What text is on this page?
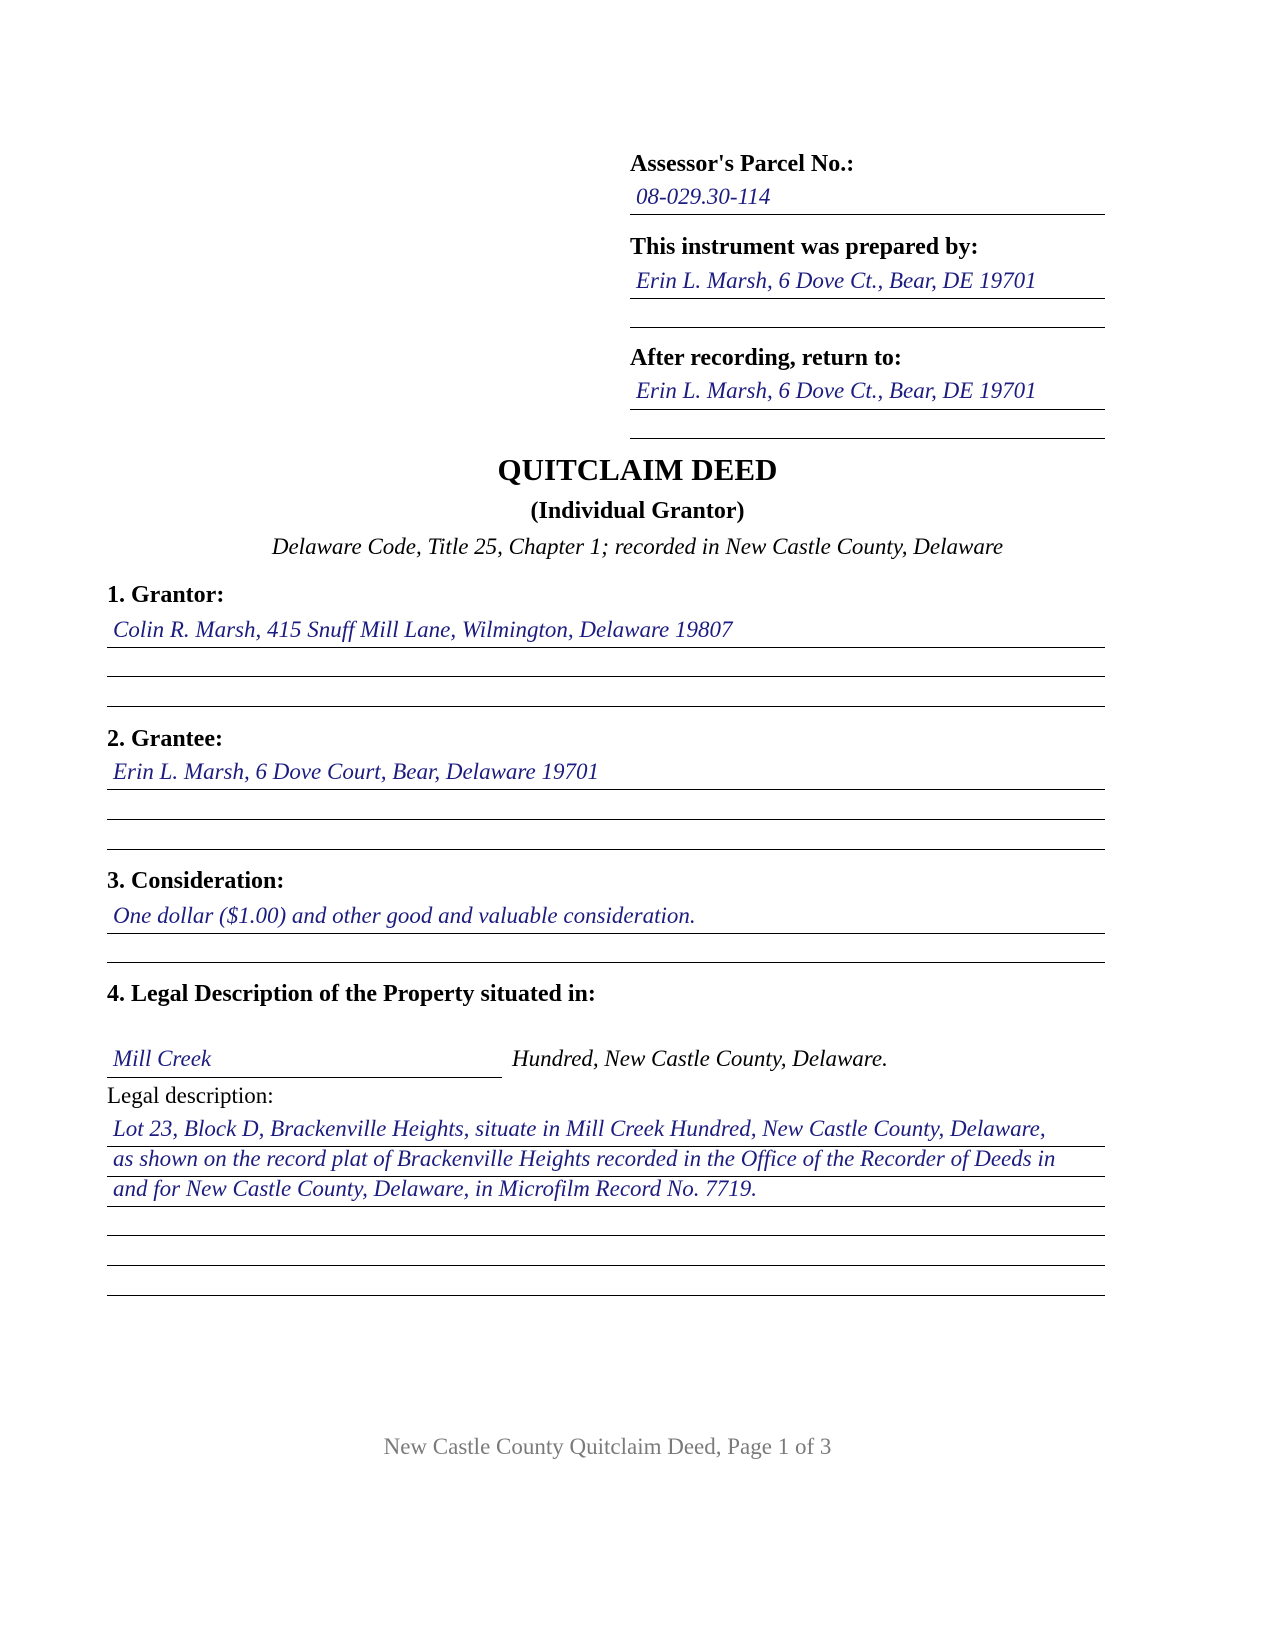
Assessor's Parcel No.:
08-029.30-114
This instrument was prepared by:
Erin L. Marsh, 6 Dove Ct., Bear, DE 19701
After recording, return to:
Erin L. Marsh, 6 Dove Ct., Bear, DE 19701
QUITCLAIM DEED
(Individual Grantor)
Delaware Code, Title 25, Chapter 1; recorded in New Castle County, Delaware
1. Grantor:
Colin R. Marsh, 415 Snuff Mill Lane, Wilmington, Delaware 19807
2. Grantee:
Erin L. Marsh, 6 Dove Court, Bear, Delaware 19701
3. Consideration:
One dollar ($1.00) and other good and valuable consideration.
4. Legal Description of the Property situated in:
Mill Creek	Hundred, New Castle County, Delaware.
Legal description:
Lot 23, Block D, Brackenville Heights, situate in Mill Creek Hundred, New Castle County, Delaware,
as shown on the record plat of Brackenville Heights recorded in the Office of the Recorder of Deeds in
and for New Castle County, Delaware, in Microfilm Record No. 7719.
New Castle County Quitclaim Deed, Page 1 of 3
